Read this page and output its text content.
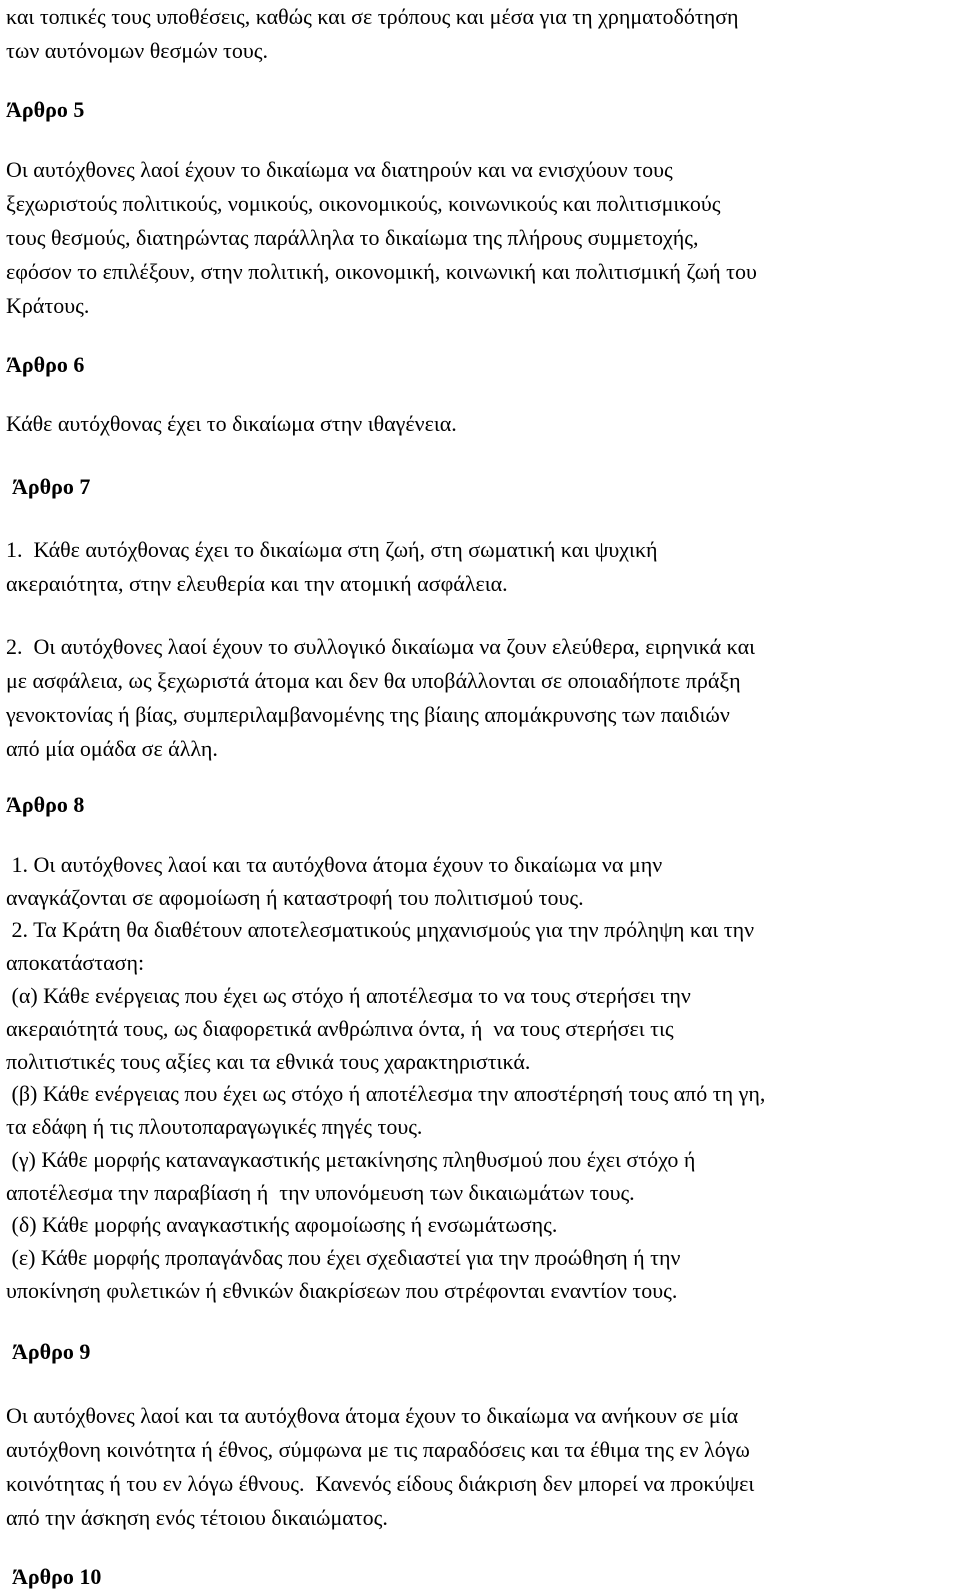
και τοπικές τους υποθέσεις, καθώς και σε τρόπους και μέσα για τη χρηματοδότηση
των αυτόνομων θεσμών τους.
Άρθρο 5
Οι αυτόχθονες λαοί έχουν το δικαίωμα να διατηρούν και να ενισχύουν τους
ξεχωριστούς πολιτικούς, νομικούς, οικονομικούς, κοινωνικούς και πολιτισμικούς
τους θεσμούς, διατηρώντας παράλληλα το δικαίωμα της πλήρους συμμετοχής,
εφόσον το επιλέξουν, στην πολιτική, οικονομική, κοινωνική και πολιτισμική ζωή του
Κράτους.
Άρθρο 6
Κάθε αυτόχθονας έχει το δικαίωμα στην ιθαγένεια.
Άρθρο 7
1.  Κάθε αυτόχθονας έχει το δικαίωμα στη ζωή, στη σωματική και ψυχική
ακεραιότητα, στην ελευθερία και την ατομική ασφάλεια.
2.  Οι αυτόχθονες λαοί έχουν το συλλογικό δικαίωμα να ζουν ελεύθερα, ειρηνικά και
με ασφάλεια, ως ξεχωριστά άτομα και δεν θα υποβάλλονται σε οποιαδήποτε πράξη
γενοκτονίας ή βίας, συμπεριλαμβανομένης της βίαιης απομάκρυνσης των παιδιών
από μία ομάδα σε άλλη.
Άρθρο 8
1. Οι αυτόχθονες λαοί και τα αυτόχθονα άτομα έχουν το δικαίωμα να μην
αναγκάζονται σε αφομοίωση ή καταστροφή του πολιτισμού τους.
2. Τα Κράτη θα διαθέτουν αποτελεσματικούς μηχανισμούς για την πρόληψη και την
αποκατάσταση:
(α) Κάθε ενέργειας που έχει ως στόχο ή αποτέλεσμα το να τους στερήσει την
ακεραιότητά τους, ως διαφορετικά ανθρώπινα όντα, ή  να τους στερήσει τις
πολιτιστικές τους αξίες και τα εθνικά τους χαρακτηριστικά.
(β) Κάθε ενέργειας που έχει ως στόχο ή αποτέλεσμα την αποστέρησή τους από τη γη,
τα εδάφη ή τις πλουτοπαραγωγικές πηγές τους.
(γ) Κάθε μορφής καταναγκαστικής μετακίνησης πληθυσμού που έχει στόχο ή
αποτέλεσμα την παραβίαση ή  την υπονόμευση των δικαιωμάτων τους.
(δ) Κάθε μορφής αναγκαστικής αφομοίωσης ή ενσωμάτωσης.
(ε) Κάθε μορφής προπαγάνδας που έχει σχεδιαστεί για την προώθηση ή την
υποκίνηση φυλετικών ή εθνικών διακρίσεων που στρέφονται εναντίον τους.
Άρθρο 9
Οι αυτόχθονες λαοί και τα αυτόχθονα άτομα έχουν το δικαίωμα να ανήκουν σε μία
αυτόχθονη κοινότητα ή έθνος, σύμφωνα με τις παραδόσεις και τα έθιμα της εν λόγω
κοινότητας ή του εν λόγω έθνους.  Κανενός είδους διάκριση δεν μπορεί να προκύψει
από την άσκηση ενός τέτοιου δικαιώματος.
Άρθρο 10
